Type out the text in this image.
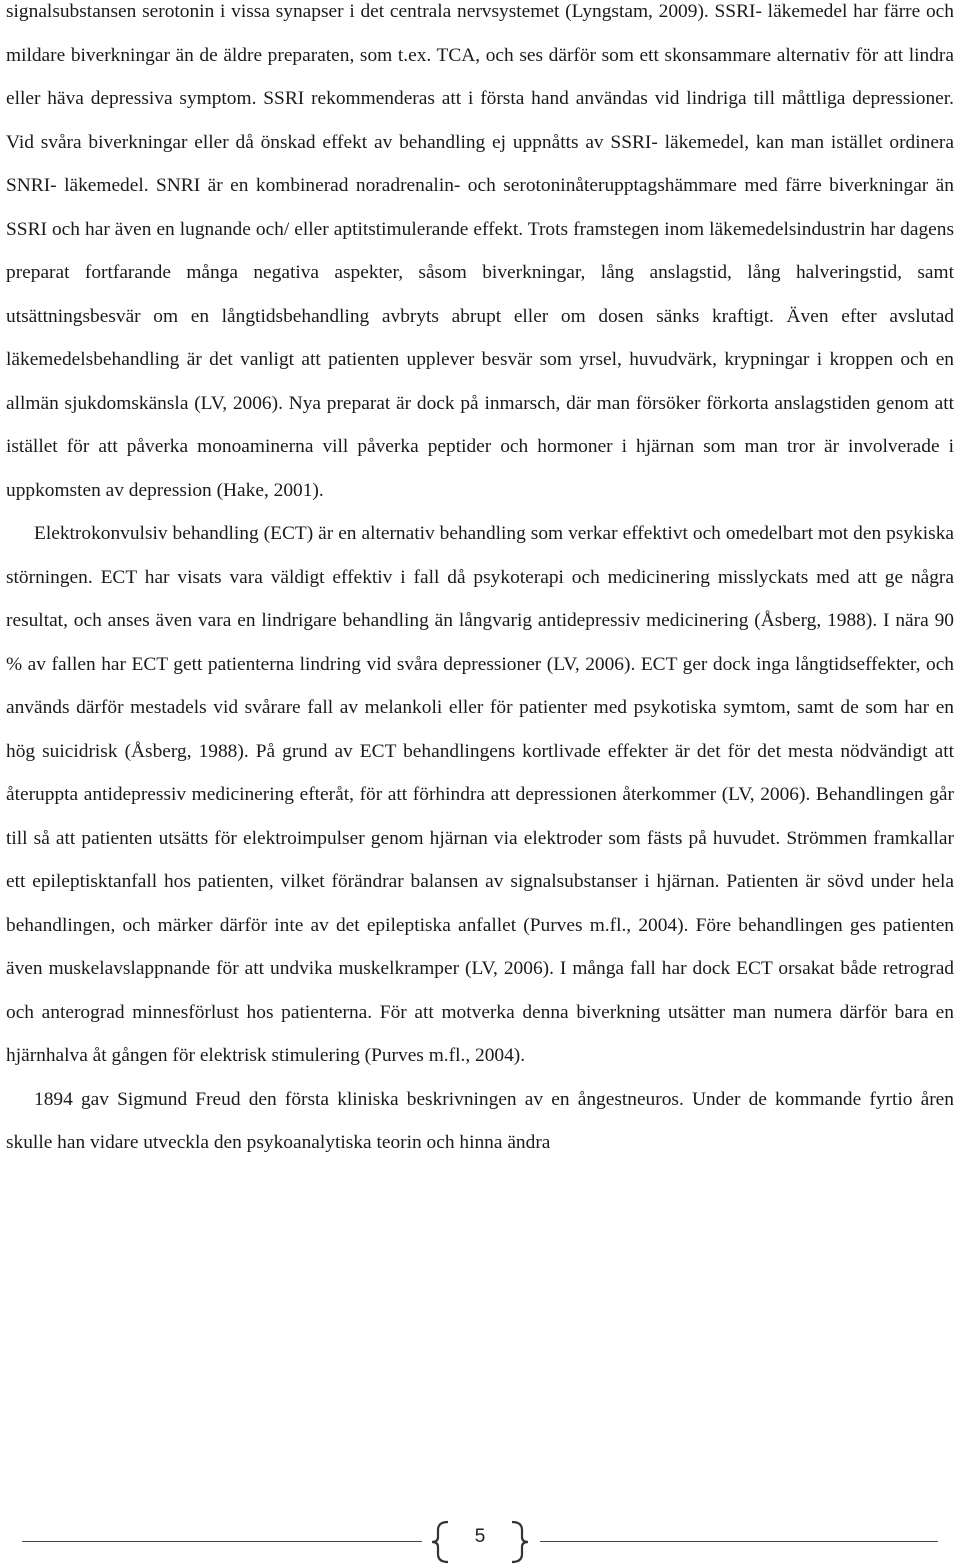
signalsubstansen serotonin i vissa synapser i det centrala nervsystemet (Lyngstam, 2009). SSRI- läkemedel har färre och mildare biverkningar än de äldre preparaten, som t.ex. TCA, och ses därför som ett skonsammare alternativ för att lindra eller häva depressiva symptom. SSRI rekommenderas att i första hand användas vid lindriga till måttliga depressioner. Vid svåra biverkningar eller då önskad effekt av behandling ej uppnåtts av SSRI- läkemedel, kan man istället ordinera SNRI- läkemedel. SNRI är en kombinerad noradrenalin- och serotoninåterupptagshämmare med färre biverkningar än SSRI och har även en lugnande och/ eller aptitstimulerande effekt. Trots framstegen inom läkemedelsindustrin har dagens preparat fortfarande många negativa aspekter, såsom biverkningar, lång anslagstid, lång halveringstid, samt utsättningsbesvär om en långtidsbehandling avbryts abrupt eller om dosen sänks kraftigt. Även efter avslutad läkemedelsbehandling är det vanligt att patienten upplever besvär som yrsel, huvudvärk, krypningar i kroppen och en allmän sjukdomskänsla (LV, 2006). Nya preparat är dock på inmarsch, där man försöker förkorta anslagstiden genom att istället för att påverka monoaminerna vill påverka peptider och hormoner i hjärnan som man tror är involverade i uppkomsten av depression (Hake, 2001).

Elektrokonvulsiv behandling (ECT) är en alternativ behandling som verkar effektivt och omedelbart mot den psykiska störningen. ECT har visats vara väldigt effektiv i fall då psykoterapi och medicinering misslyckats med att ge några resultat, och anses även vara en lindrigare behandling än långvarig antidepressiv medicinering (Åsberg, 1988). I nära 90 % av fallen har ECT gett patienterna lindring vid svåra depressioner (LV, 2006). ECT ger dock inga långtidseffekter, och används därför mestadels vid svårare fall av melankoli eller för patienter med psykotiska symtom, samt de som har en hög suicidrisk (Åsberg, 1988). På grund av ECT behandlingens kortlivade effekter är det för det mesta nödvändigt att återuppta antidepressiv medicinering efteråt, för att förhindra att depressionen återkommer (LV, 2006). Behandlingen går till så att patienten utsätts för elektroimpulser genom hjärnan via elektroder som fästs på huvudet. Strömmen framkallar ett epileptisktanfall hos patienten, vilket förändrar balansen av signalsubstanser i hjärnan. Patienten är sövd under hela behandlingen, och märker därför inte av det epileptiska anfallet (Purves m.fl., 2004). Före behandlingen ges patienten även muskelavslappnande för att undvika muskelkramper (LV, 2006). I många fall har dock ECT orsakat både retrograd och anterograd minnesförlust hos patienterna. För att motverka denna biverkning utsätter man numera därför bara en hjärnhalva åt gången för elektrisk stimulering (Purves m.fl., 2004).

1894 gav Sigmund Freud den första kliniska beskrivningen av en ångestneuros. Under de kommande fyrtio åren skulle han vidare utveckla den psykoanalytiska teorin och hinna ändra

5
